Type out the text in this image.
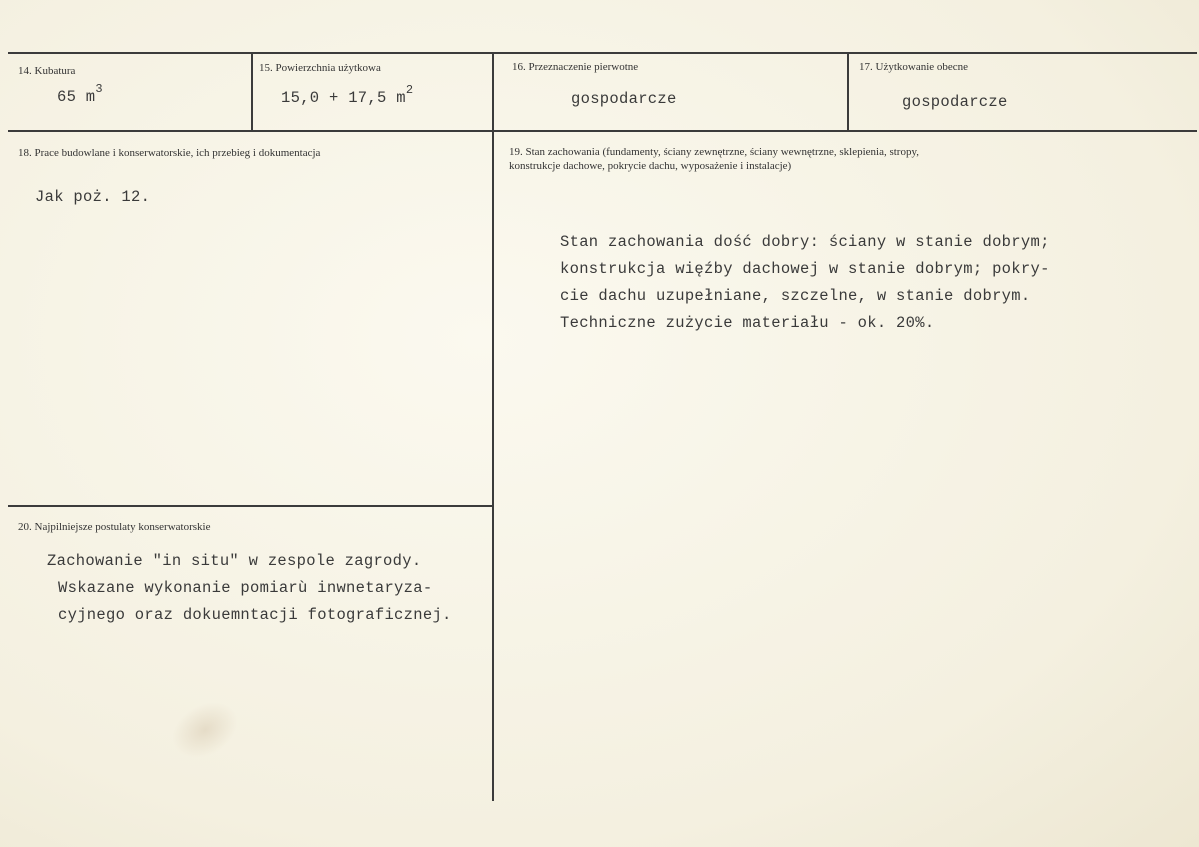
14. Kubatura
65 $m^3$
15. Powierzchnia użytkowa
15,0 + 17,5 $m^2$
16. Przeznaczenie pierwotne
gospodarcze
17. Użytkowanie obecne
gospodarcze
18. Prace budowlane i konserwatorskie, ich przebieg i dokumentacja
Jak poż. 12.
19. Stan zachowania (fundamenty, ściany zewnętrzne, ściany wewnętrzne, sklepienia, stropy,
konstrukcje dachowe, pokrycie dachu, wyposażenie i instalacje)
Stan zachowania dość dobry: ściany w stanie dobrym;
konstrukcja więźby dachowej w stanie dobrym; pokry-
cie dachu uzupełniane, szczelne, w stanie dobrym.
Techniczne zużycie materiału - ok. 20%.
20. Najpilniejsze postulaty konserwatorskie
Zachowanie "in situ" w zespole zagrody.
Wskazane wykonanie pomiarù inwnetaryza-
cyjnego oraz dokuemntacji fotograficznej.
